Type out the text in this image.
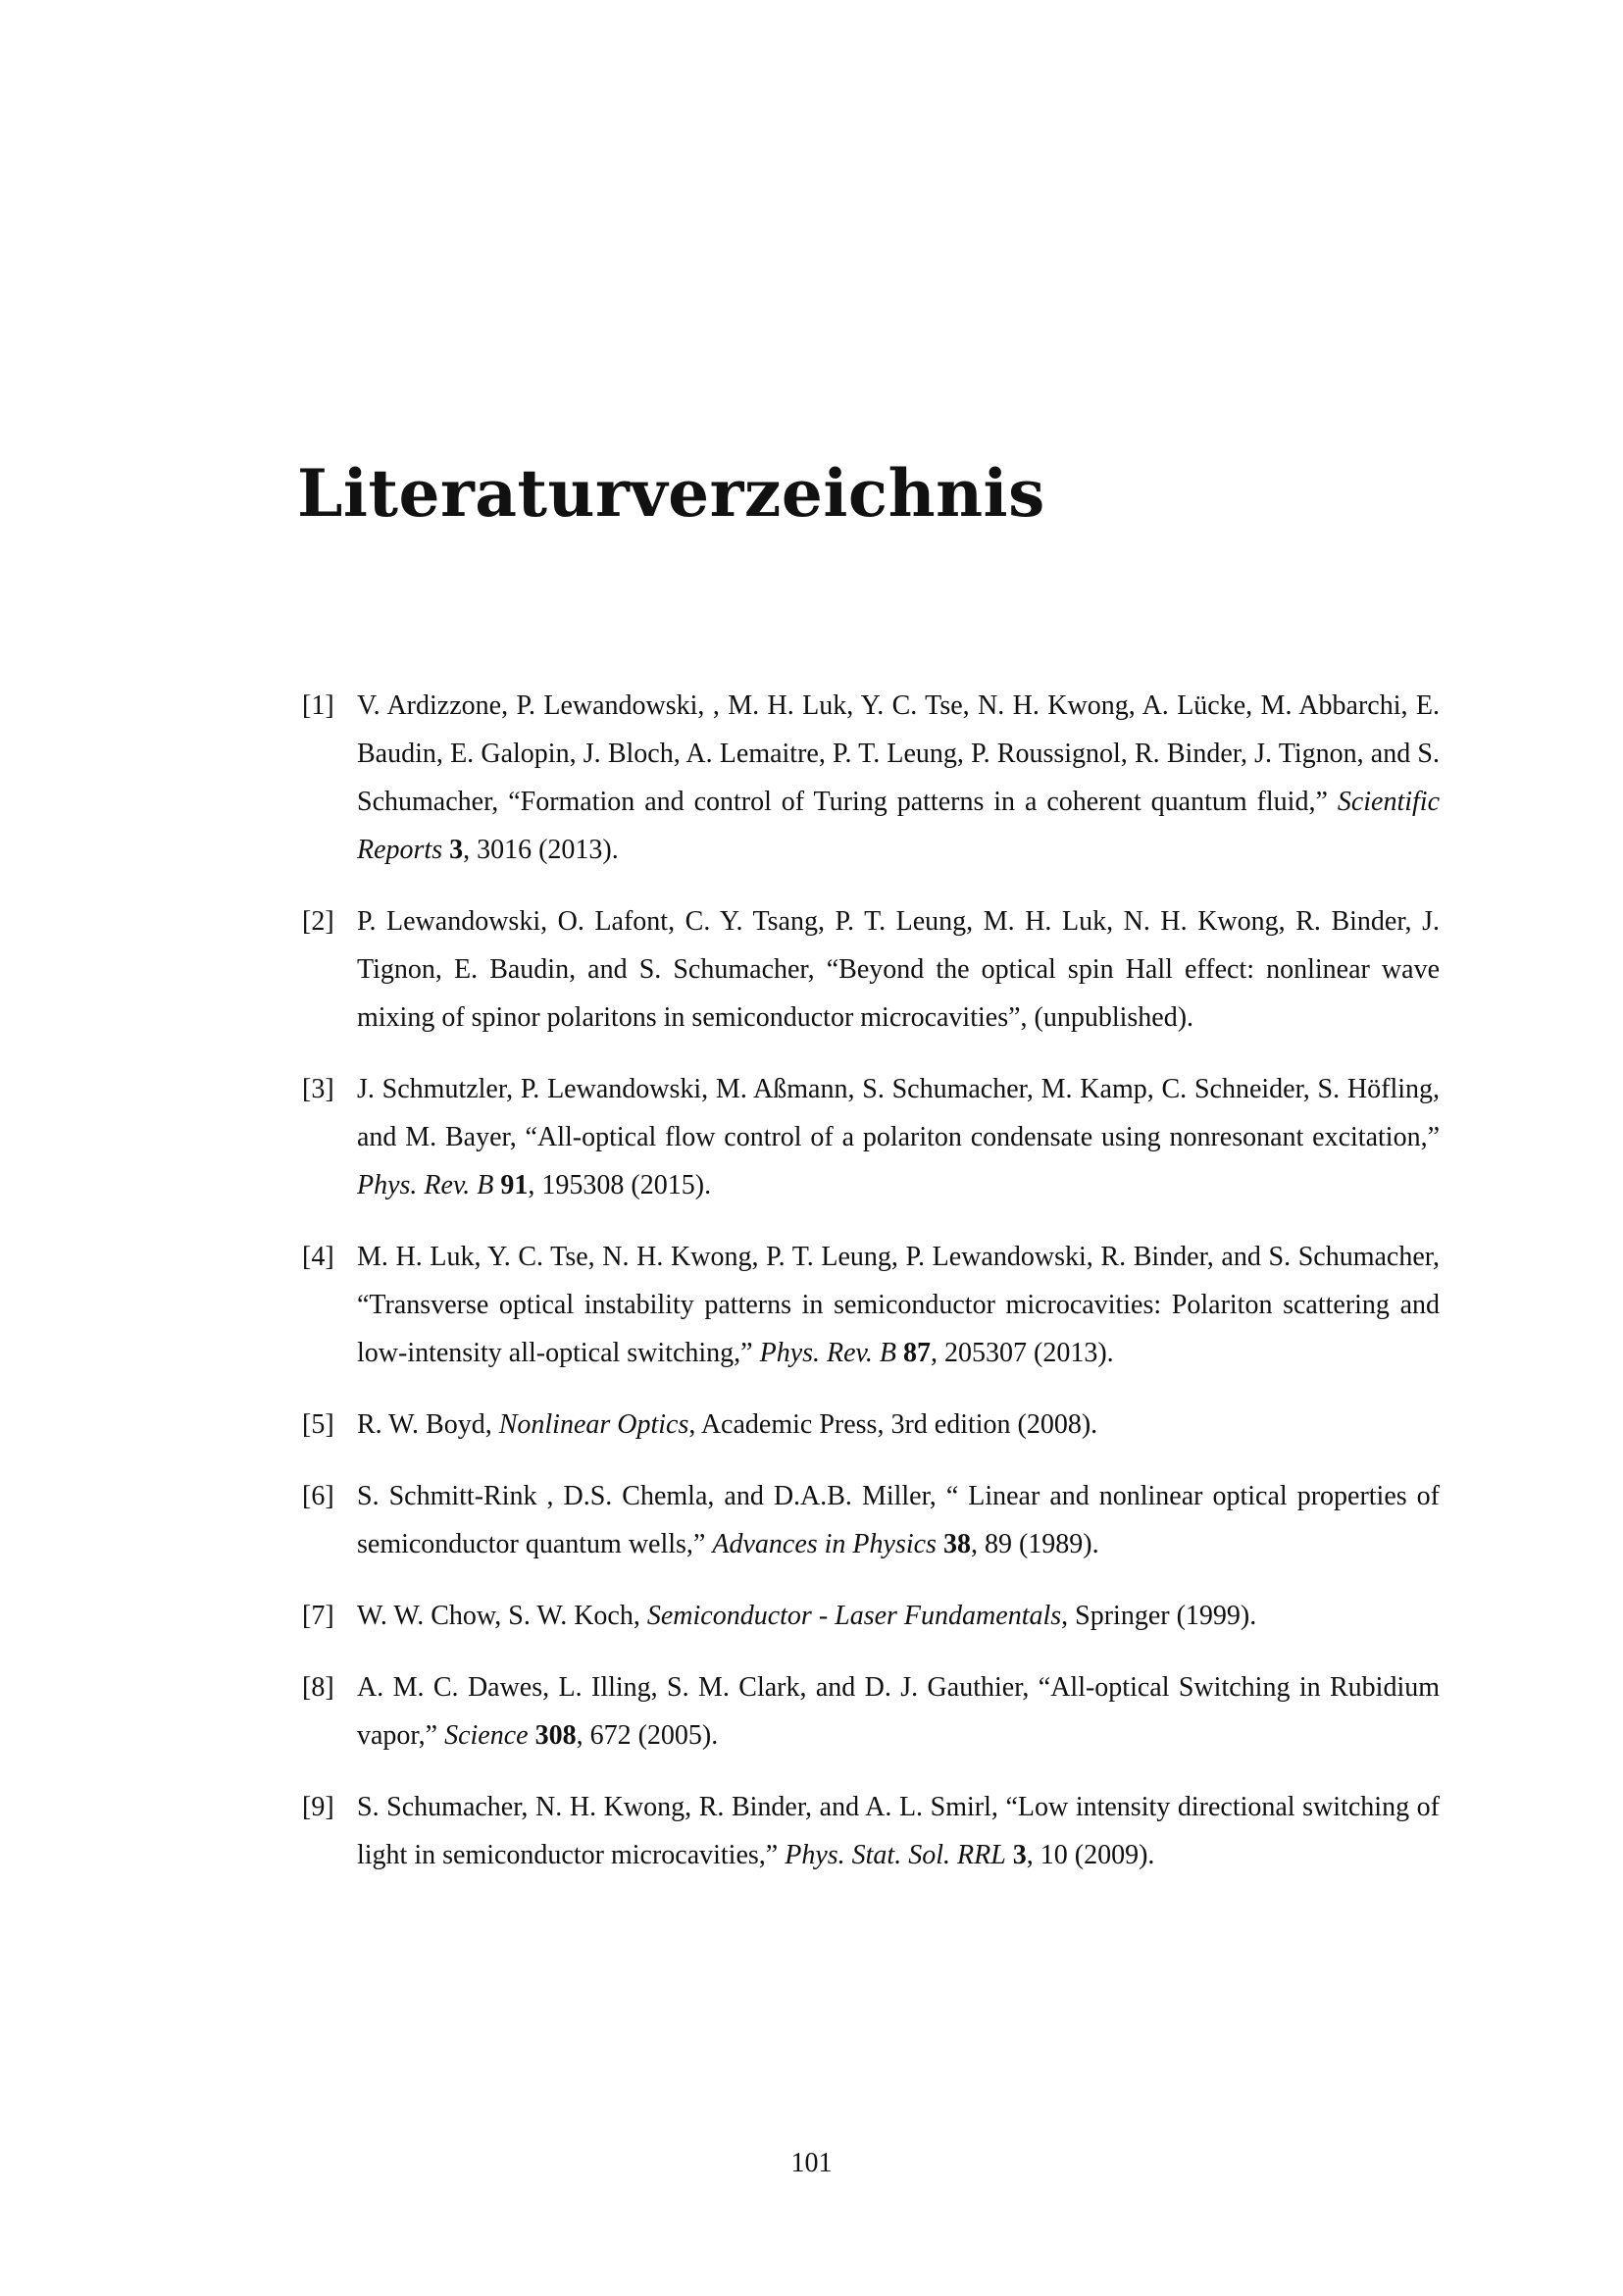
Literaturverzeichnis
[1] V. Ardizzone, P. Lewandowski, , M. H. Luk, Y. C. Tse, N. H. Kwong, A. Lücke, M. Abbarchi, E. Baudin, E. Galopin, J. Bloch, A. Lemaitre, P. T. Leung, P. Roussignol, R. Binder, J. Tignon, and S. Schumacher, “Formation and control of Turing patterns in a coherent quantum fluid,” Scientific Reports 3, 3016 (2013).
[2] P. Lewandowski, O. Lafont, C. Y. Tsang, P. T. Leung, M. H. Luk, N. H. Kwong, R. Binder, J. Tignon, E. Baudin, and S. Schumacher, “Beyond the optical spin Hall effect: nonlinear wave mixing of spinor polaritons in semiconductor microcavities”, (unpublished).
[3] J. Schmutzler, P. Lewandowski, M. Aßmann, S. Schumacher, M. Kamp, C. Schneider, S. Höfling, and M. Bayer, “All-optical flow control of a polariton condensate using nonresonant excitation,” Phys. Rev. B 91, 195308 (2015).
[4] M. H. Luk, Y. C. Tse, N. H. Kwong, P. T. Leung, P. Lewandowski, R. Binder, and S. Schumacher, “Transverse optical instability patterns in semiconductor microcavities: Polariton scattering and low-intensity all-optical switching,” Phys. Rev. B 87, 205307 (2013).
[5] R. W. Boyd, Nonlinear Optics, Academic Press, 3rd edition (2008).
[6] S. Schmitt-Rink , D.S. Chemla, and D.A.B. Miller, “ Linear and nonlinear optical properties of semiconductor quantum wells,” Advances in Physics 38, 89 (1989).
[7] W. W. Chow, S. W. Koch, Semiconductor - Laser Fundamentals, Springer (1999).
[8] A. M. C. Dawes, L. Illing, S. M. Clark, and D. J. Gauthier, “All-optical Switching in Rubidium vapor,” Science 308, 672 (2005).
[9] S. Schumacher, N. H. Kwong, R. Binder, and A. L. Smirl, “Low intensity directional switching of light in semiconductor microcavities,” Phys. Stat. Sol. RRL 3, 10 (2009).
101
